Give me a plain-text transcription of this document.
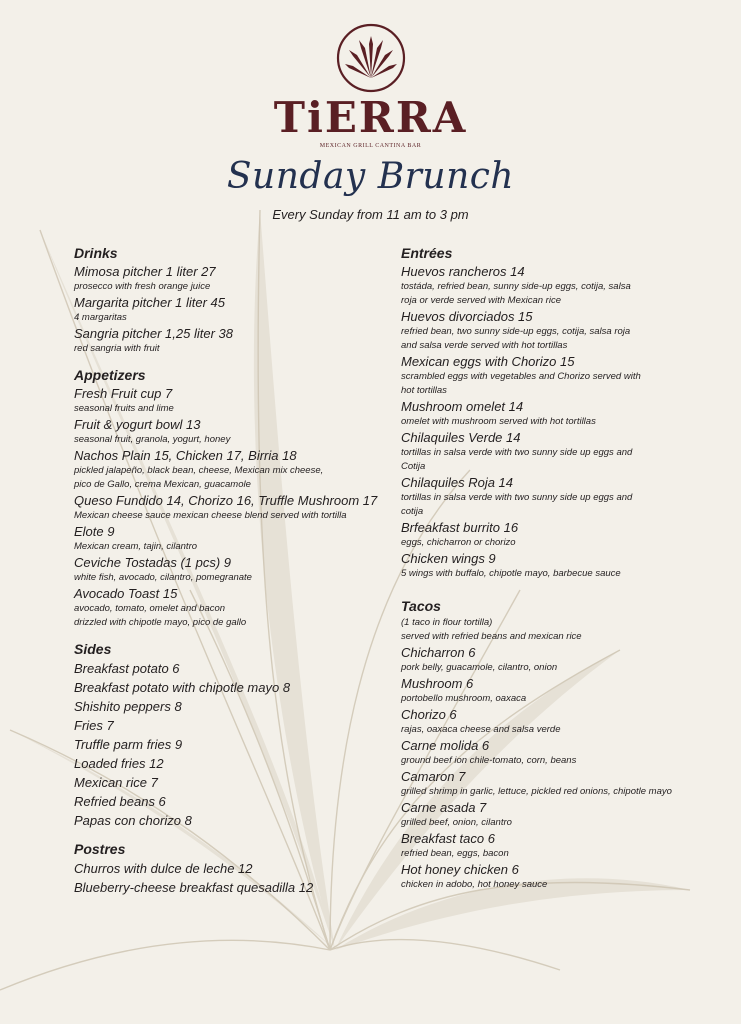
TiERRA
MEXICAN GRILL CANTINA BAR
Sunday Brunch
Every Sunday from 11 am to 3 pm
Drinks
Mimosa pitcher 1 liter 27
prosecco with fresh orange juice
Margarita pitcher 1 liter 45
4 margaritas
Sangria pitcher 1,25 liter 38
red sangria with fruit
Appetizers
Fresh Fruit cup 7
seasonal fruits and lime
Fruit & yogurt bowl 13
seasonal fruit, granola, yogurt, honey
Nachos Plain 15, Chicken 17, Birria 18
pickled jalapeño, black bean, cheese, Mexican mix cheese,
pico de Gallo, crema Mexican, guacamole
Queso Fundido 14, Chorizo 16, Truffle Mushroom 17
Mexican cheese sauce mexican cheese blend served with tortilla
Elote 9
Mexican cream, tajin, cilantro
Ceviche Tostadas (1 pcs) 9
white fish, avocado, cilantro, pomegranate
Avocado Toast 15
avocado, tomato, omelet and bacon
drizzled with chipotle mayo, pico de gallo
Sides
Breakfast potato 6
Breakfast potato with chipotle mayo 8
Shishito peppers 8
Fries 7
Truffle parm fries 9
Loaded fries 12
Mexican rice 7
Refried beans 6
Papas con chorizo 8
Postres
Churros with dulce de leche 12
Blueberry-cheese breakfast quesadilla 12
Entrées
Huevos rancheros 14
tostáda, refried bean, sunny side-up eggs, cotija, salsa
roja or verde served with Mexican rice
Huevos divorciados 15
refried bean, two sunny side-up eggs, cotija, salsa roja
and salsa verde served with hot tortillas
Mexican eggs with Chorizo 15
scrambled eggs with vegetables and Chorizo served with
hot tortillas
Mushroom omelet 14
omelet with mushroom served with hot tortillas
Chilaquiles Verde 14
tortillas in salsa verde with two sunny side up eggs and
Cotija
Chilaquiles Roja 14
tortillas in salsa verde with two sunny side up eggs and
cotija
Brfeakfast burrito 16
eggs, chicharron or chorizo
Chicken wings 9
5 wings with buffalo, chipotle mayo, barbecue sauce
Tacos
(1 taco in flour tortilla)
served with refried beans and mexican rice
Chicharron 6
pork belly, guacamole, cilantro, onion
Mushroom 6
portobello mushroom, oaxaca
Chorizo 6
rajas, oaxaca cheese and salsa verde
Carne molida 6
ground beef ion chile-tomato, corn, beans
Camaron 7
grilled shrimp in garlic, lettuce, pickled red onions, chipotle mayo
Carne asada 7
grilled beef, onion, cilantro
Breakfast taco 6
refried bean, eggs, bacon
Hot honey chicken 6
chicken in adobo, hot honey sauce
